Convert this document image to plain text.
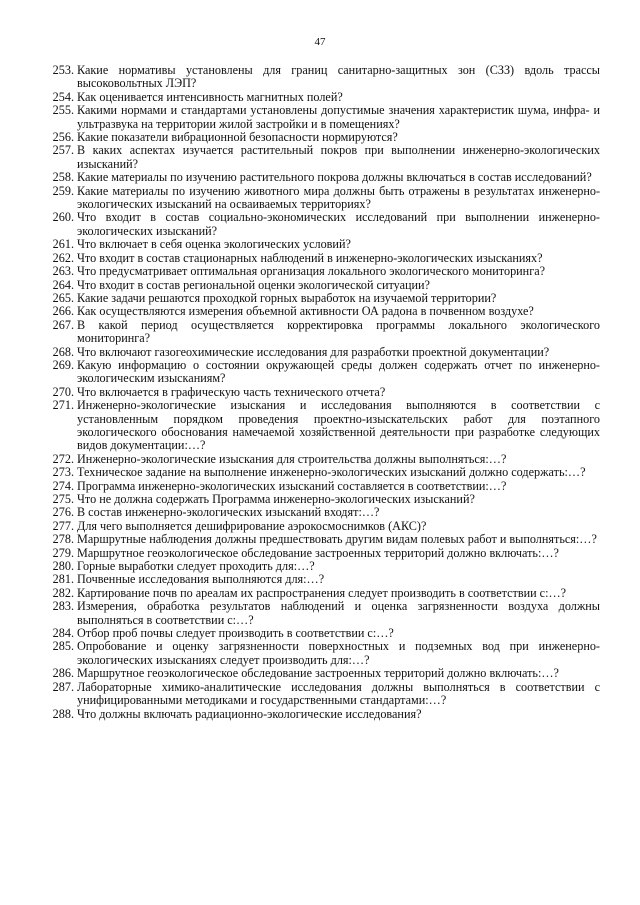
47
253. Какие нормативы установлены для границ санитарно-защитных зон (СЗЗ) вдоль трассы высоковольтных ЛЭП?
254. Как оценивается интенсивность магнитных полей?
255. Какими нормами и стандартами установлены допустимые значения характеристик шума, инфра- и ультразвука на территории жилой застройки и в помещениях?
256. Какие показатели вибрационной безопасности нормируются?
257. В каких аспектах изучается растительный покров при выполнении инженерно-экологических изысканий?
258. Какие материалы по изучению растительного покрова должны включаться в состав исследований?
259. Какие материалы по изучению животного мира должны быть отражены в результатах инженерно-экологических изысканий на осваиваемых территориях?
260. Что входит в состав социально-экономических исследований при выполнении инженерно-экологических изысканий?
261. Что включает в себя оценка экологических условий?
262. Что входит в состав стационарных наблюдений в инженерно-экологических изысканиях?
263. Что предусматривает оптимальная организация локального экологического мониторинга?
264. Что входит в состав региональной оценки экологической ситуации?
265. Какие задачи решаются проходкой горных выработок на изучаемой территории?
266. Как осуществляются измерения объемной активности ОА радона в почвенном воздухе?
267. В какой период осуществляется корректировка программы локального экологического мониторинга?
268. Что включают газогеохимические исследования для разработки проектной документации?
269. Какую информацию о состоянии окружающей среды должен содержать отчет по инженерно-экологическим изысканиям?
270. Что включается в графическую часть технического отчета?
271. Инженерно-экологические изыскания и исследования выполняются в соответствии с установленным порядком проведения проектно-изыскательских работ для поэтапного экологического обоснования намечаемой хозяйственной деятельности при разработке следующих видов документации:…?
272. Инженерно-экологические изыскания для строительства должны выполняться:…?
273. Техническое задание на выполнение инженерно-экологических изысканий должно содержать:…?
274. Программа инженерно-экологических изысканий составляется в соответствии:…?
275. Что не должна содержать Программа инженерно-экологических изысканий?
276. В состав инженерно-экологических изысканий входят:…?
277. Для чего выполняется дешифрирование аэрокосмоснимков (АКС)?
278. Маршрутные наблюдения должны предшествовать другим видам полевых работ и выполняться:…?
279. Маршрутное геоэкологическое обследование застроенных территорий должно включать:…?
280. Горные выработки следует проходить для:…?
281. Почвенные исследования выполняются для:…?
282. Картирование почв по ареалам их распространения следует производить в соответствии с:…?
283. Измерения, обработка результатов наблюдений и оценка загрязненности воздуха должны выполняться в соответствии с:…?
284. Отбор проб почвы следует производить в соответствии с:…?
285. Опробование и оценку загрязненности поверхностных и подземных вод при инженерно-экологических изысканиях следует производить для:…?
286. Маршрутное геоэкологическое обследование застроенных территорий должно включать:…?
287. Лабораторные химико-аналитические исследования должны выполняться в соответствии с унифицированными методиками и государственными стандартами:…?
288. Что должны включать радиационно-экологические исследования?
